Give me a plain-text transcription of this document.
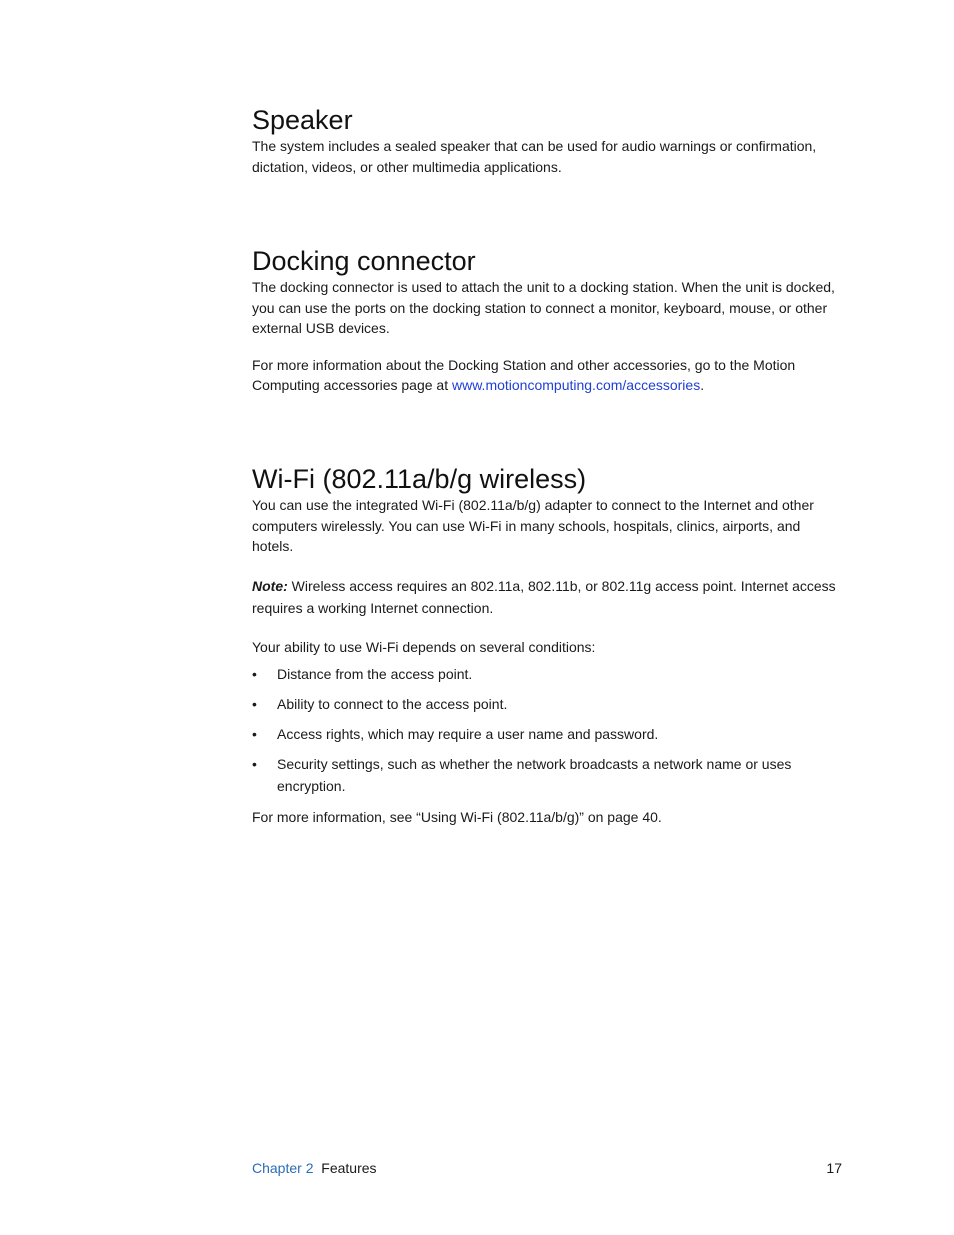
Speaker

The system includes a sealed speaker that can be used for audio warnings or confirmation, dictation, videos, or other multimedia applications.

Docking connector

The docking connector is used to attach the unit to a docking station. When the unit is docked, you can use the ports on the docking station to connect a monitor, keyboard, mouse, or other external USB devices.

For more information about the Docking Station and other accessories, go to the Motion Computing accessories page at www.motioncomputing.com/accessories.

Wi-Fi (802.11a/b/g wireless)

You can use the integrated Wi-Fi (802.11a/b/g) adapter to connect to the Internet and other computers wirelessly. You can use Wi-Fi in many schools, hospitals, clinics, airports, and hotels.

Note: Wireless access requires an 802.11a, 802.11b, or 802.11g access point. Internet access requires a working Internet connection.

Your ability to use Wi-Fi depends on several conditions:

•	Distance from the access point.
•	Ability to connect to the access point.
•	Access rights, which may require a user name and password.
•	Security settings, such as whether the network broadcasts a network name or uses encryption.

For more information, see “Using Wi-Fi (802.11a/b/g)” on page 40.

Chapter 2 Features	17
